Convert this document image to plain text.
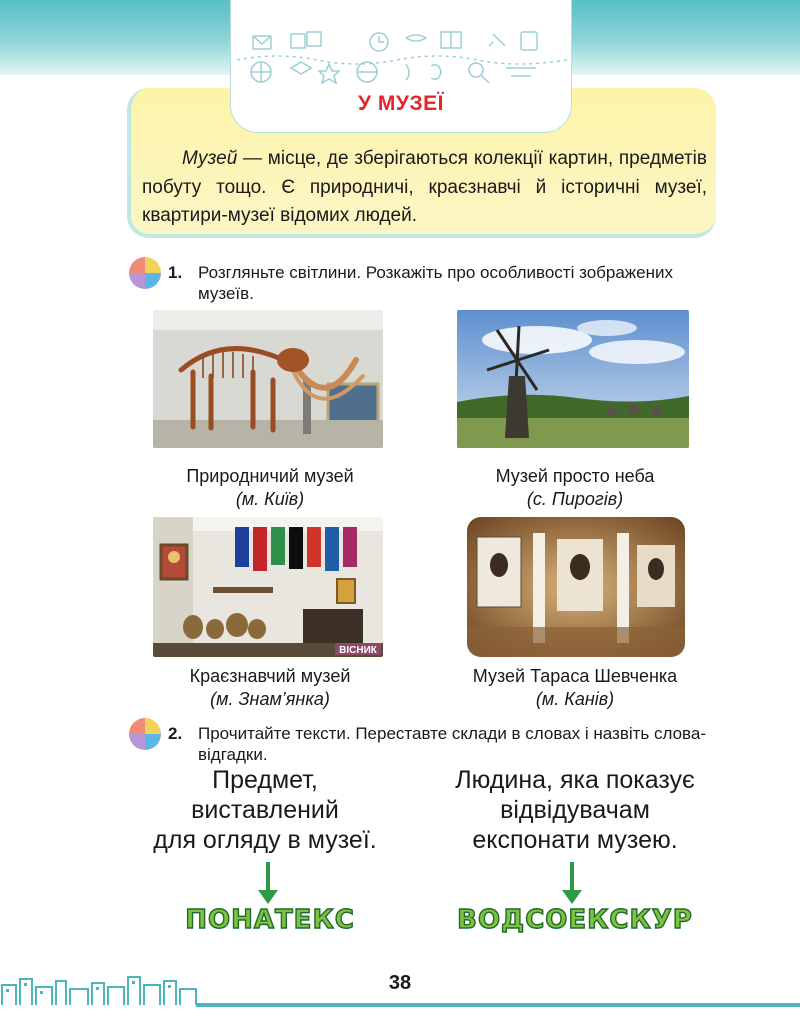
У МУЗЕЇ
Музей — місце, де зберігаються колекції картин, предметів побуту тощо. Є природничі, краєзнавчі й історичні музеї, квартири-музеї відомих людей.
1. Розгляньте світлини. Розкажіть про особливості зображених музеїв.
Природничий музей
(м. Київ)
Музей просто неба
(с. Пирогів)
ВІСНИК
Краєзнавчий музей
(м. Знам’янка)
Музей Тараса Шевченка
(м. Канів)
2. Прочитайте тексти. Переставте склади в словах і назвіть слова-відгадки.
Предмет,
виставлений
для огляду в музеї.
Людина, яка показує
відвідувачам
експонати музею.
ПОНАТЕКС	ВОДСОЕКСКУР
38
